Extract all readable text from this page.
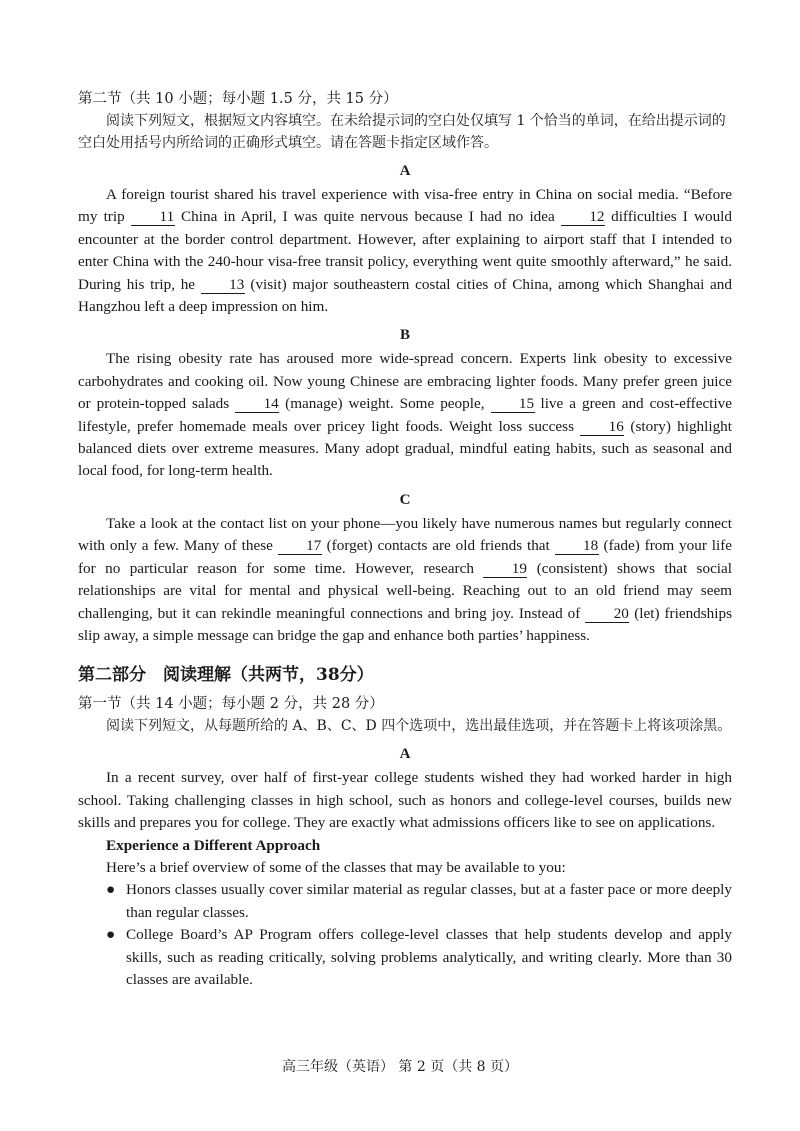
第二节（共 10 小题；每小题 1.5 分，共 15 分）

阅读下列短文，根据短文内容填空。在未给提示词的空白处仅填写 1 个恰当的单词，在给出提示词的空白处用括号内所给词的正确形式填空。请在答题卡指定区域作答。

A

A foreign tourist shared his travel experience with visa-free entry in China on social media. “Before my trip 11 China in April, I was quite nervous because I had no idea 12 difficulties I would encounter at the border control department. However, after explaining to airport staff that I intended to enter China with the 240-hour visa-free transit policy, everything went quite smoothly afterward,” he said. During his trip, he 13 (visit) major southeastern costal cities of China, among which Shanghai and Hangzhou left a deep impression on him.

B

The rising obesity rate has aroused more wide-spread concern. Experts link obesity to excessive carbohydrates and cooking oil. Now young Chinese are embracing lighter foods. Many prefer green juice or protein-topped salads 14 (manage) weight. Some people, 15 live a green and cost-effective lifestyle, prefer homemade meals over pricey light foods. Weight loss success 16 (story) highlight balanced diets over extreme measures. Many adopt gradual, mindful eating habits, such as seasonal and local food, for long-term health.

C

Take a look at the contact list on your phone—you likely have numerous names but regularly connect with only a few. Many of these 17 (forget) contacts are old friends that 18 (fade) from your life for no particular reason for some time. However, research 19 (consistent) shows that social relationships are vital for mental and physical well-being. Reaching out to an old friend may seem challenging, but it can rekindle meaningful connections and bring joy. Instead of 20 (let) friendships slip away, a simple message can bridge the gap and enhance both parties’ happiness.

第二部分　阅读理解（共两节，38分）

第一节（共 14 小题；每小题 2 分，共 28 分）

阅读下列短文，从每题所给的 A、B、C、D 四个选项中，选出最佳选项，并在答题卡上将该项涂黑。

A

In a recent survey, over half of first-year college students wished they had worked harder in high school. Taking challenging classes in high school, such as honors and college-level courses, builds new skills and prepares you for college. They are exactly what admissions officers like to see on applications.

Experience a Different Approach

Here’s a brief overview of some of the classes that may be available to you:

● Honors classes usually cover similar material as regular classes, but at a faster pace or more deeply than regular classes.
● College Board’s AP Program offers college-level classes that help students develop and apply skills, such as reading critically, solving problems analytically, and writing clearly. More than 30 classes are available.
高三年级（英语） 第 2 页（共 8 页）
